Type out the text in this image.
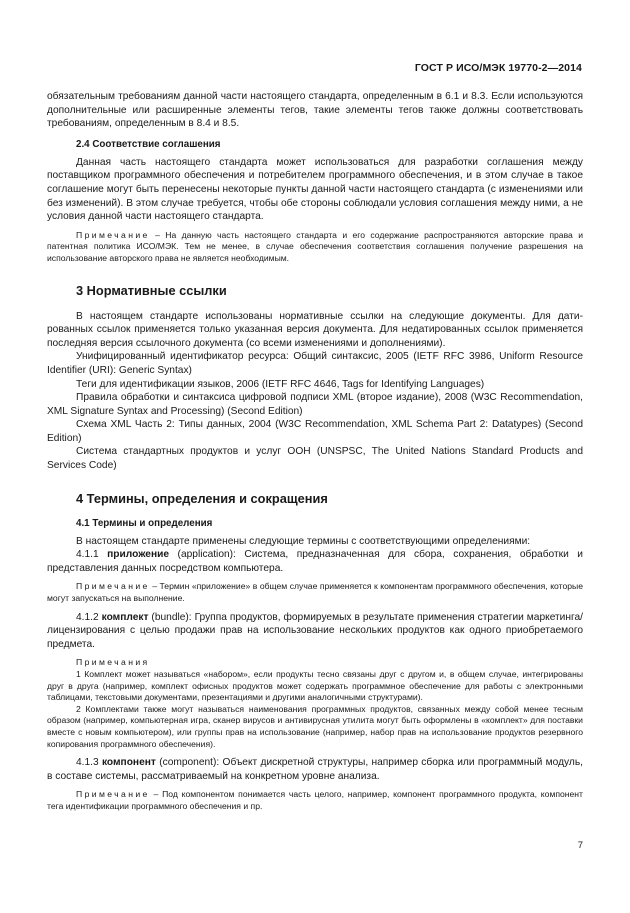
ГОСТ Р ИСО/МЭК 19770-2—2014

обязательным требованиям данной части настоящего стандарта, определенным в 6.1 и 8.3. Если используются дополнительные или расширенные элементы тегов, такие элементы тегов также должны соответствовать требованиям, определенным в 8.4 и 8.5.

2.4 Соответствие соглашения

Данная часть настоящего стандарта может использоваться для разработки соглашения между поставщиком программного обеспечения и потребителем программного обеспечения, и в этом случае в такое соглашение могут быть перенесены некоторые пункты данной части настоящего стандарта (с изменениями или без изменений). В этом случае требуется, чтобы обе стороны соблюдали условия соглашения между ними, а не условия данной части настоящего стандарта.

Примечание – На данную часть настоящего стандарта и его содержание распространяются авторские права и патентная политика ИСО/МЭК. Тем не менее, в случае обеспечения соответствия соглашения получение разрешения на использование авторского права не является необходимым.

3 Нормативные ссылки

В настоящем стандарте использованы нормативные ссылки на следующие документы. Для датированных ссылок применяется только указанная версия документа. Для недатированных ссылок применяется последняя версия ссылочного документа (со всеми изменениями и дополнениями).

Унифицированный идентификатор ресурса: Общий синтаксис, 2005 (IETF RFC 3986, Uniform Resource Identifier (URI): Generic Syntax)

Теги для идентификации языков, 2006 (IETF RFC 4646, Tags for Identifying Languages)

Правила обработки и синтаксиса цифровой подписи XML (второе издание), 2008 (W3C Recommendation, XML Signature Syntax and Processing) (Second Edition)

Схема XML Часть 2: Типы данных, 2004 (W3C Recommendation, XML Schema Part 2: Datatypes) (Second Edition)

Система стандартных продуктов и услуг ООН (UNSPSC, The United Nations Standard Products and Services Code)

4 Термины, определения и сокращения

4.1 Термины и определения

В настоящем стандарте применены следующие термины с соответствующими определениями:

4.1.1 приложение (application): Система, предназначенная для сбора, сохранения, обработки и представления данных посредством компьютера.

Примечание – Термин «приложение» в общем случае применяется к компонентам программного обеспечения, которые могут запускаться на выполнение.

4.1.2 комплект (bundle): Группа продуктов, формируемых в результате применения стратегии маркетинга/лицензирования с целью продажи прав на использование нескольких продуктов как одного приобретаемого предмета.

Примечания

1 Комплект может называться «набором», если продукты тесно связаны друг с другом и, в общем случае, интегрированы друг в друга (например, комплект офисных продуктов может содержать программное обеспечение для работы с электронными таблицами, текстовыми документами, презентациями и другими аналогичными структурами).

2 Комплектами также могут называться наименования программных продуктов, связанных между собой менее тесным образом (например, компьютерная игра, сканер вирусов и антивирусная утилита могут быть оформлены в «комплект» для поставки вместе с новым компьютером), или группы прав на использование (например, набор прав на использование продуктов резервного копирования программного обеспечения).

4.1.3 компонент (component): Объект дискретной структуры, например сборка или программный модуль, в составе системы, рассматриваемый на конкретном уровне анализа.

Примечание – Под компонентом понимается часть целого, например, компонент программного продукта, компонент тега идентификации программного обеспечения и пр.

7
